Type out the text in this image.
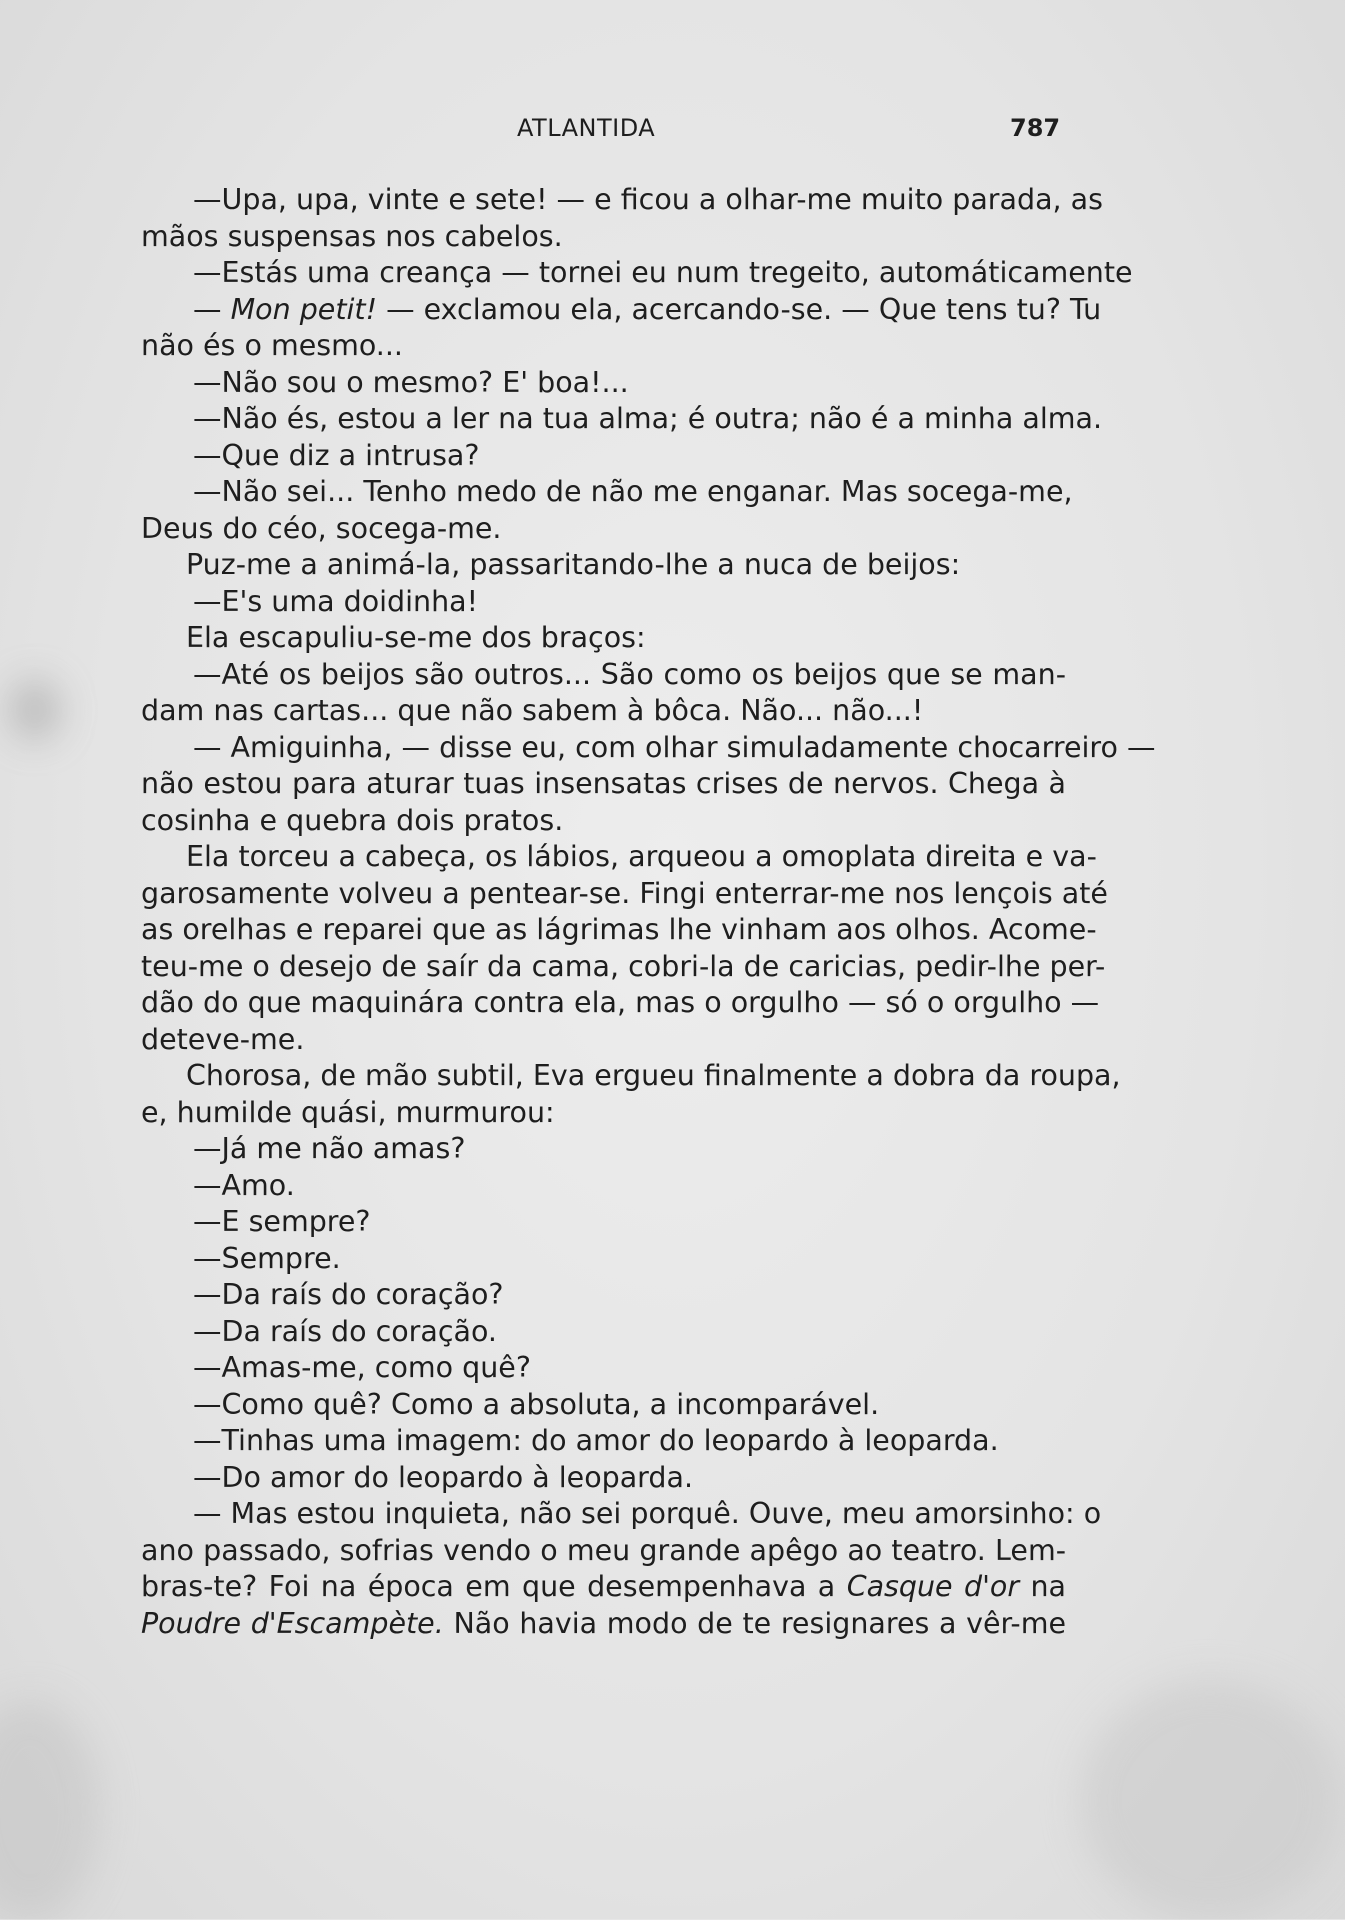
ATLANTIDA	787
—Upa, upa, vinte e sete! — e ficou a olhar-me muito parada, as
mãos suspensas nos cabelos.
—Estás uma creança — tornei eu num tregeito, automáticamente
— Mon petit! — exclamou ela, acercando-se. — Que tens tu? Tu
não és o mesmo...
—Não sou o mesmo? E' boa!...
—Não és, estou a ler na tua alma; é outra; não é a minha alma.
—Que diz a intrusa?
—Não sei... Tenho medo de não me enganar. Mas socega-me,
Deus do céo, socega-me.
Puz-me a animá-la, passaritando-lhe a nuca de beijos:
—E's uma doidinha!
Ela escapuliu-se-me dos braços:
—Até os beijos são outros... São como os beijos que se man-
dam nas cartas... que não sabem à bôca. Não... não...!
— Amiguinha, — disse eu, com olhar simuladamente chocarreiro —
não estou para aturar tuas insensatas crises de nervos. Chega à
cosinha e quebra dois pratos.
Ela torceu a cabeça, os lábios, arqueou a omoplata direita e va-
garosamente volveu a pentear-se. Fingi enterrar-me nos lençois até
as orelhas e reparei que as lágrimas lhe vinham aos olhos. Acome-
teu-me o desejo de saír da cama, cobri-la de caricias, pedir-lhe per-
dão do que maquinára contra ela, mas o orgulho — só o orgulho —
deteve-me.
Chorosa, de mão subtil, Eva ergueu finalmente a dobra da roupa,
e, humilde quási, murmurou:
—Já me não amas?
—Amo.
—E sempre?
—Sempre.
—Da raís do coração?
—Da raís do coração.
—Amas-me, como quê?
—Como quê? Como a absoluta, a incomparável.
—Tinhas uma imagem: do amor do leopardo à leoparda.
—Do amor do leopardo à leoparda.
— Mas estou inquieta, não sei porquê. Ouve, meu amorsinho: o
ano passado, sofrias vendo o meu grande apêgo ao teatro. Lem-
bras-te? Foi na época em que desempenhava a Casque d'or na
Poudre d'Escampète. Não havia modo de te resignares a vêr-me
